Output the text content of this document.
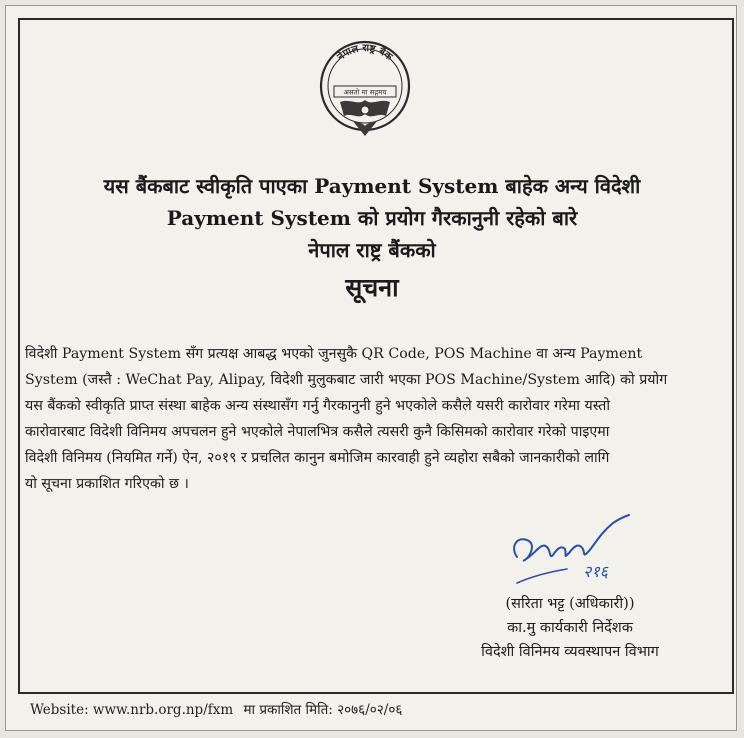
नेपाल राष्ट्र बैंक
असतो मा सद्गमय
यस बैंकबाट स्वीकृति पाएका Payment System बाहेक अन्य विदेशी
Payment System को प्रयोग गैरकानुनी रहेको बारे
नेपाल राष्ट्र बैंकको
सूचना
विदेशी Payment System सँग प्रत्यक्ष आबद्ध भएको जुनसुकै QR Code, POS Machine वा अन्य Payment
System (जस्तै : WeChat Pay, Alipay, विदेशी मुलुकबाट जारी भएका POS Machine/System आदि) को प्रयोग
यस बैंकको स्वीकृति प्राप्त संस्था बाहेक अन्य संस्थासँग गर्नु गैरकानुनी हुने भएकोले कसैले यसरी कारोवार गरेमा यस्तो
कारोवारबाट विदेशी विनिमय अपचलन हुने भएकोले नेपालभित्र कसैले त्यसरी कुनै किसिमको कारोवार गरेको पाइएमा
विदेशी विनिमय (नियमित गर्ने) ऐन, २०१९ र प्रचलित कानुन बमोजिम कारवाही हुने व्यहोरा सबैको जानकारीको लागि
यो सूचना प्रकाशित गरिएको छ ।
२१६
(सरिता भट्ट (अधिकारी))
का.मु कार्यकारी निर्देशक
विदेशी विनिमय व्यवस्थापन विभाग
Website: www.nrb.org.np/fxm मा प्रकाशित मिति: २०७६/०२/०६
